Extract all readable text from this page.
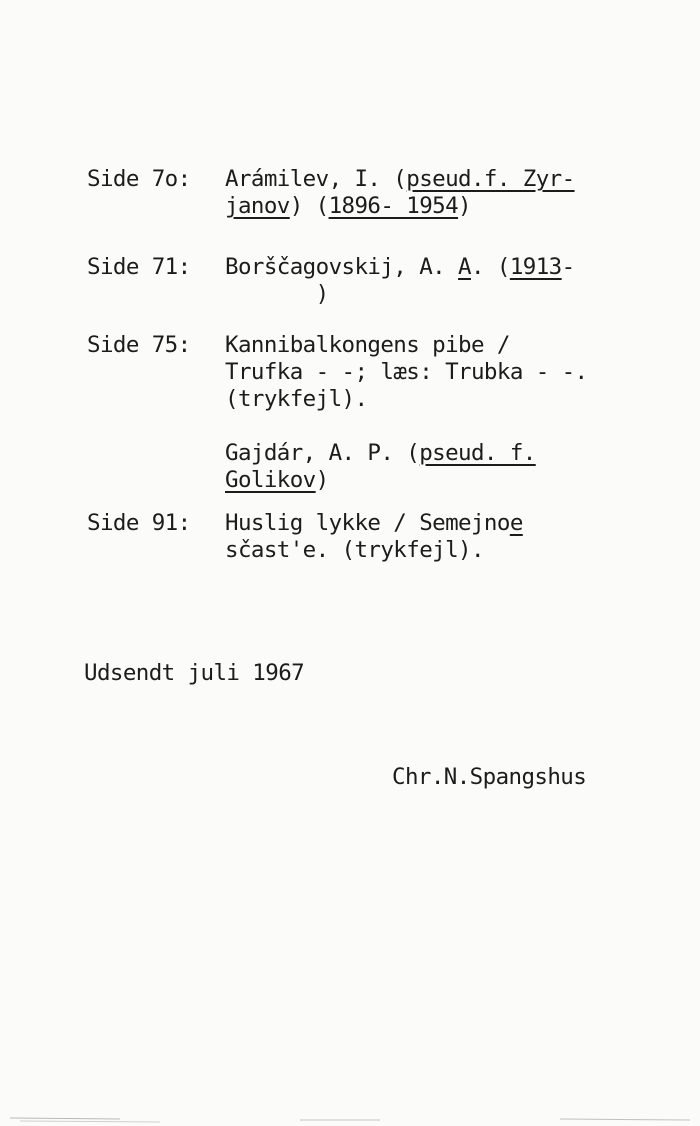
Side 7o:

Arámilev, I. (pseud.f. Zyr-
janov) (1896- 1954)

Side 71:

Borščagovskij, A. A. (1913-
)

Side 75:

Kannibalkongens pibe /
Trufka - -; læs: Trubka - -.
(trykfejl).
Gajdár, A. P. (pseud. f.
Golikov)

Side 91:

Huslig lykke / Semejnoe
sčast'e. (trykfejl).

Udsendt juli 1967
Chr.N.Spangshus
